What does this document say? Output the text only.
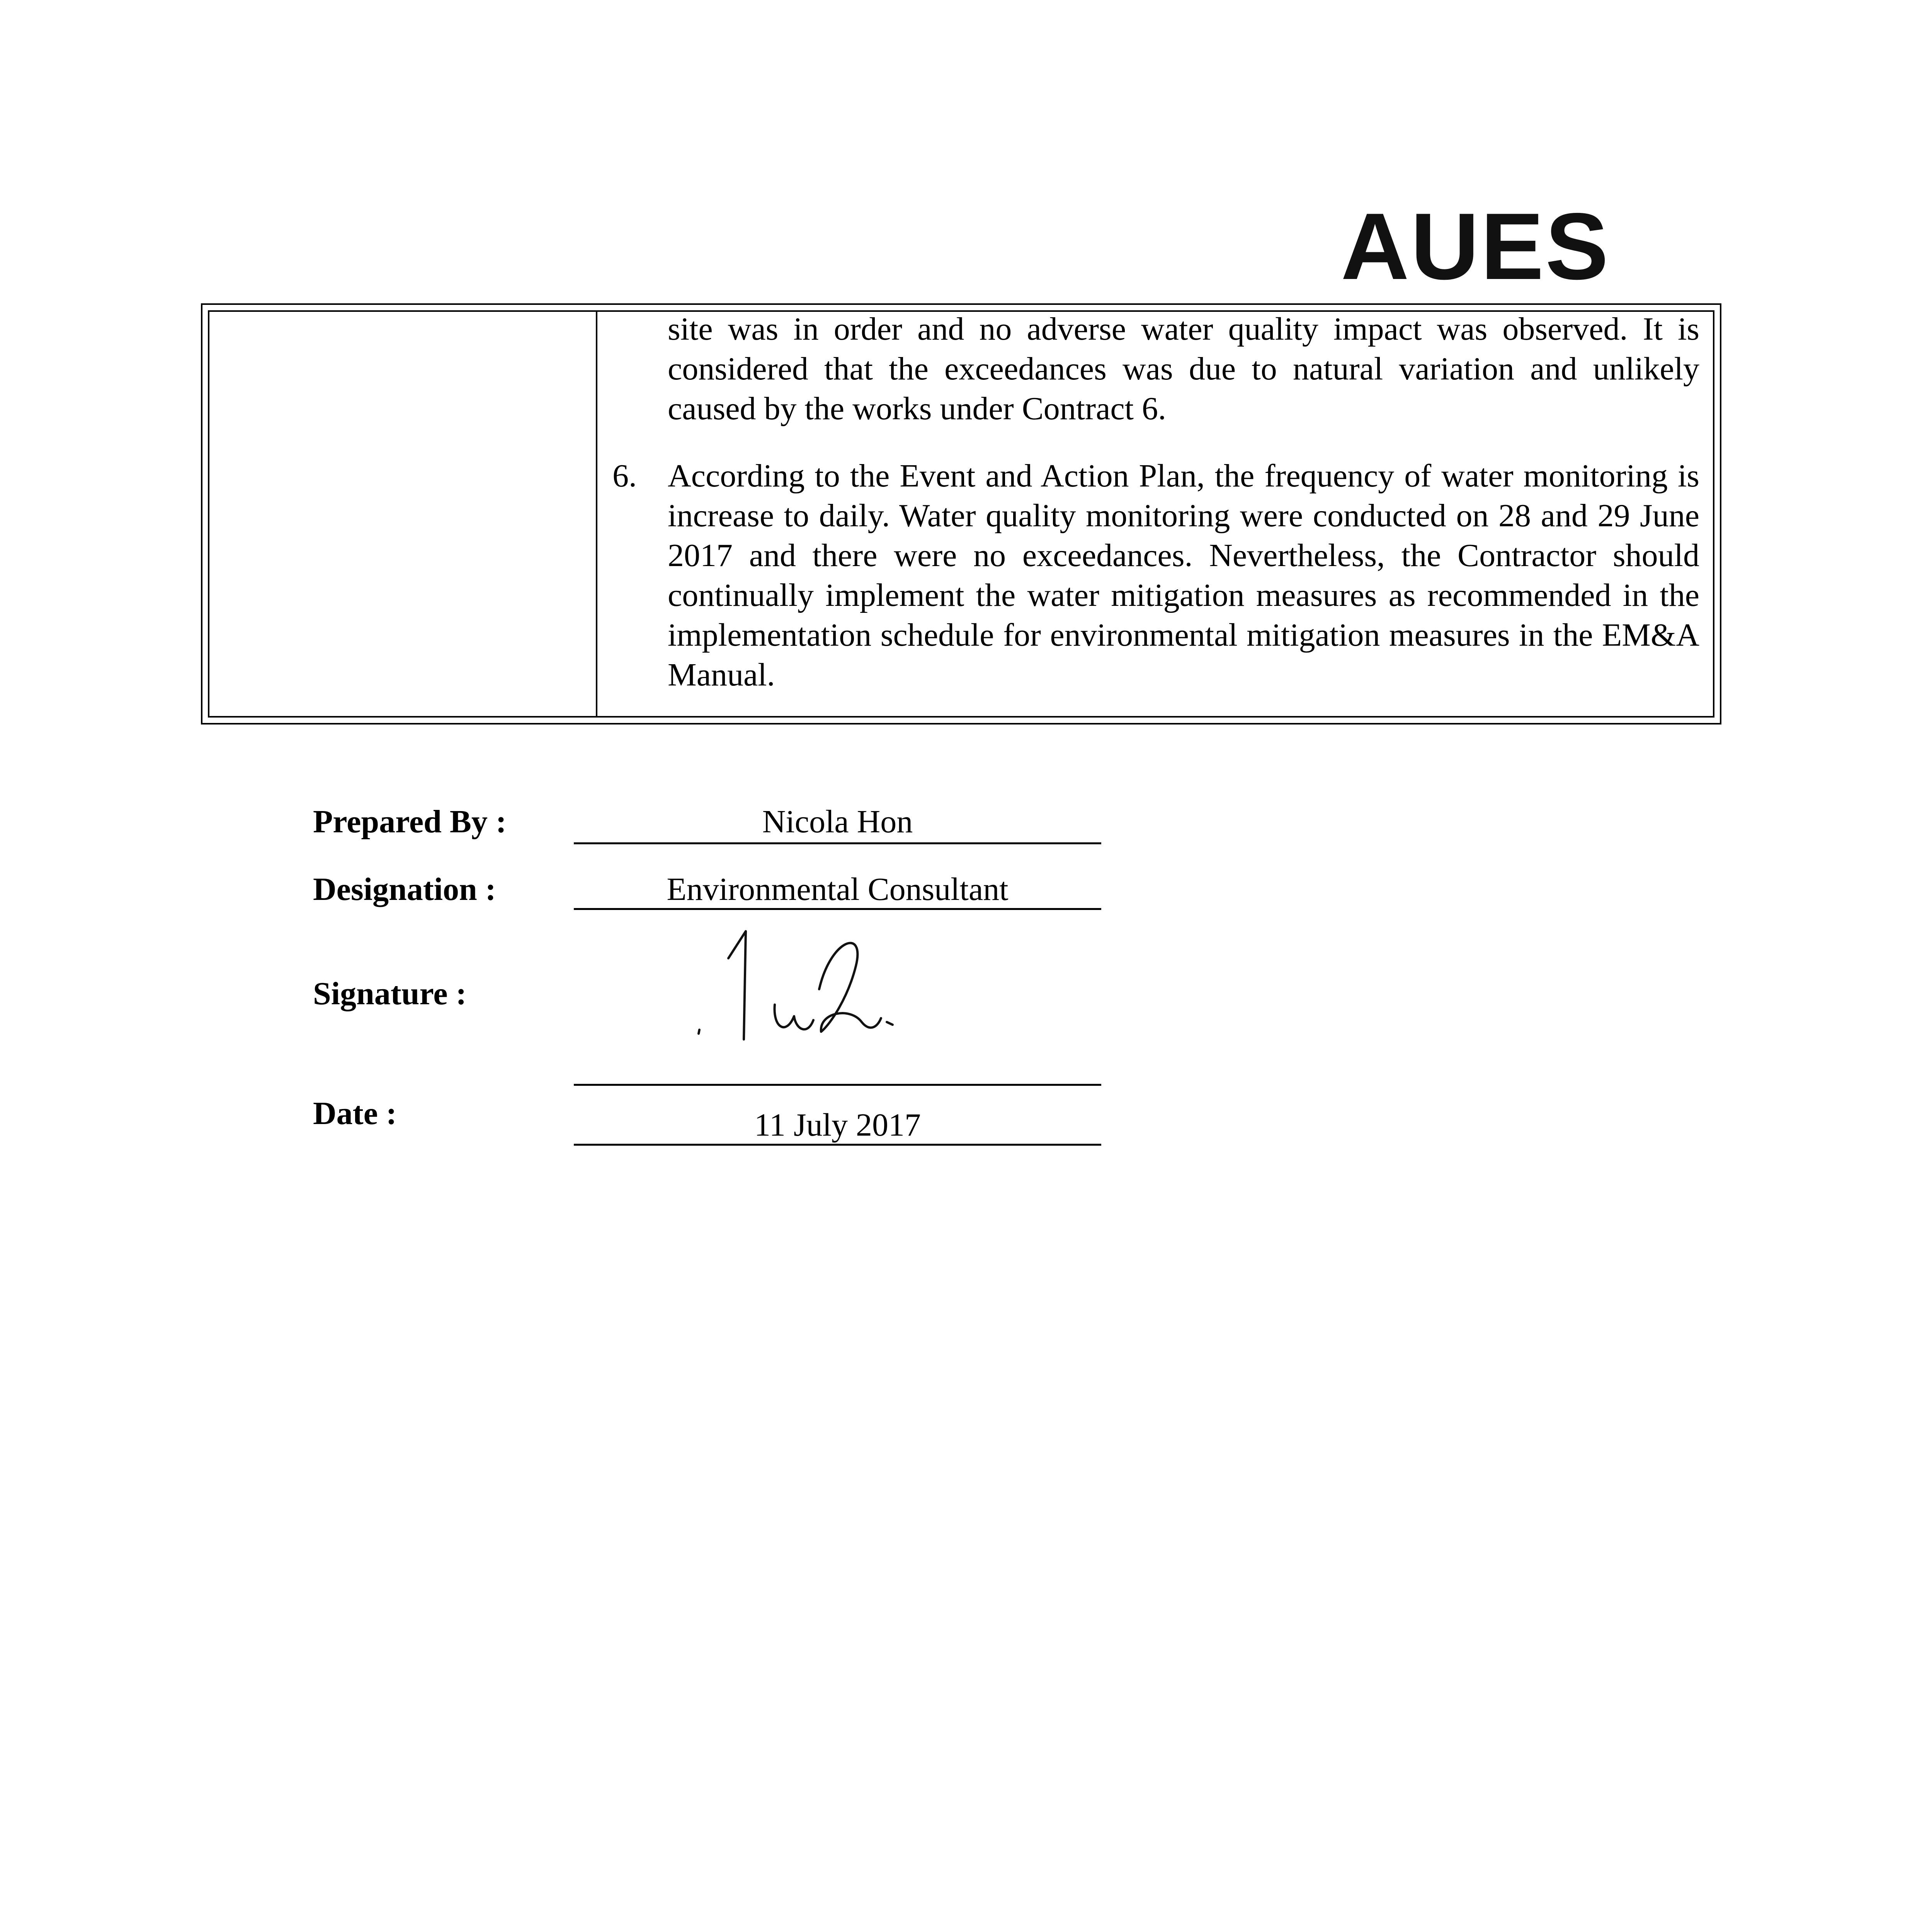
AUES
site was in order and no adverse water quality impact was observed. It is considered that the exceedances was due to natural variation and unlikely caused by the works under Contract 6.
6. According to the Event and Action Plan, the frequency of water monitoring is increase to daily. Water quality monitoring were conducted on 28 and 29 June 2017 and there were no exceedances. Nevertheless, the Contractor should continually implement the water mitigation measures as recommended in the implementation schedule for environmental mitigation measures in the EM&A Manual.
Prepared By :	Nicola Hon
Designation :	Environmental Consultant
Signature :
Date :	11 July 2017
